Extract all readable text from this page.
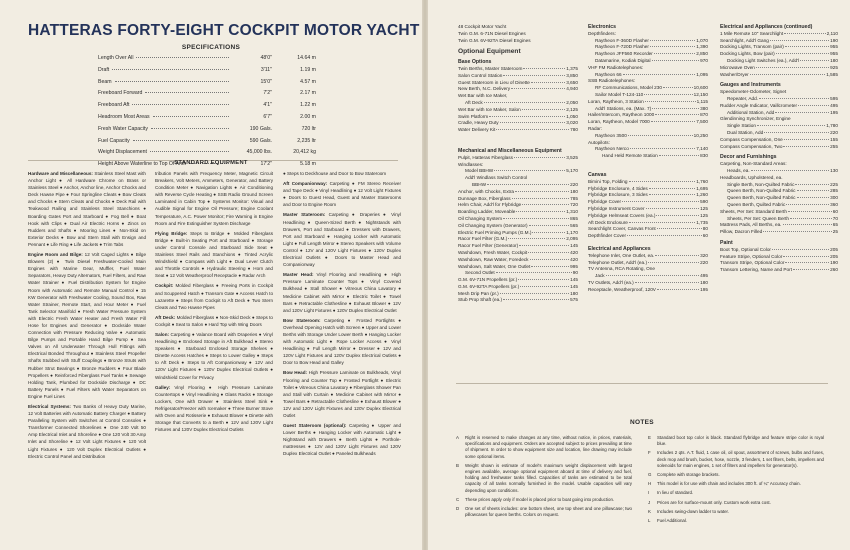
HATTERAS FORTY-EIGHT COCKPIT MOTOR YACHT
SPECIFICATIONS
Length Over All	48'0"	14.64 m
Draft	3'11"	1.19 m
Beam	15'0"	4.57 m
Freeboard Forward	7'2"	2.17 m
Freeboard Aft	4'1"	1.22 m
Headroom Most Areas	6'7"	2.00 m
Fresh Water Capacity	190 Gals.	720 ltr
Fuel Capacity	590 Gals.	2,235 ltr
Weight Displacement	45,000 lbs.	20,412 kg
Height Above Waterline to Top Of Arch	17'2"	5.18 m
STANDARD EQUIPMENT

Hardware and Miscellaneous: Stainless Steel Mast with Anchor Light ● All Hardware Chrome on Brass or Stainless Steel ● Anchor, Anchor line, Anchor Chocks and Deck Hawse Pipe ● Four Springline Cleats ● Bow Cleats and Chocks ● Stern Cleats and Chocks ● Deck Rail with Teakwood Railing and Stainless Steel Stanchions ● Boarding Gates Port and Starboard ● Fog Bell ● Boat Hook with Clips ● Dual Air Electric Horns ● Zincs on Rudders and Shafts ● Mooring Lines ● Non-Skid on Exterior Decks ● Bow and Stern Stall with Ensign and Pennant ● Life Ring ● Life Jackets ● Trim Tabs

Engine Room and Bilge: 12 Volt Caged Lights ● Bilge Blowers (2) ● Twin Diesel Freshwater-Cooled Main Engines with Marine Gear, Muffler, Fuel Water Separators, Heavy Duty Alternators, Fuel Filters, and Raw Water Strainer ● Fuel Distribution System for Engine Room with Automatic and Remote Manual Control ● 15 KW Generator with Freshwater Cooling, Sound Box, Raw Water Strainer, Remote Start, and Hour Meter ● Fuel Tank Selector Manifold ● Fresh Water Pressure System with Electric Fresh Water Heater and Fresh Water Fill Hose for Engines and Generator ● Dockside Water Connection with Pressure Reducing Valve ● Automatic Bilge Pumps and Portable Hand Bilge Pump ● Sea Valves on All Underwater Through Hull Fittings with Electrical Bonded Throughout ● Stainless Steel Propeller Shafts Stubbed with Stuff Couplings ● Bronze Struts with Rubber Strut Bearings ● Bronze Rudders ● Four Blade Propellers ● Reinforced Fiberglass Fuel Tanks ● Sewage Holding Tank, Plumbed for Dockside Discharge ● DC Battery Panels ● Fuel Filters with Water Separators on Engine Fuel Lines

Electrical Systems: Two Banks of Heavy Duty Marine, 12 Volt Batteries with Automatic Battery Charger ● Battery Paralleling System with Switches at Control Consoles ● Transformer Connected Shorelines ● One 240 Volt 50 Amp Electrical Inlet and Shoreline ● One 120 Volt 30 Amp Inlet and Shoreline ● 12 Volt Light Fixtures ● 120 Volt Light Fixtures ● 120 Volt Duplex Electrical Outlets ● Electric Control Panel and Distribution

tribution Panels with Frequency Meter, Magnetic Circuit Breakers, Volt Meters, Ammeters, Generator, and Battery Condition Meter ● Navigation Lights ● Air Conditioning with Reverse Cycle Heating ● SSB Radio Ground Screen Laminated in Cabin Top ● Systems Monitor: Visual and Audible Signal for Engine Oil Pressure; Engine Coolant Temperature, A.C. Power Monitor; Fire Warning in Engine Room and Fire Extinguisher System Discharge

Flying Bridge: Steps to Bridge ● Molded Fiberglass Bridge ● Built-in Seating Port and Starboard ● Storage under Control Console and Starboard Side Seat ● Stainless Steel Rails and Stanchions ● Tinted Acrylic Windshield ● Compass with Light ● Dual Lever Clutch and Throttle Controls ● Hydraulic Steering ● Horn and Seat ● 12 Volt Weatherproof Receptacle ● Radar Arch

Cockpit: Molded Fiberglass ● Freeing Ports in Cockpit and Scuppered Hatch ● Transom Gate ● Access Hatch to Lazarette ● Steps from Cockpit to Aft Deck ● Two Stern Cleats and Two Hawse Pipes

Aft Deck: Molded Fiberglass ● Non-Skid Deck ● Steps to Cockpit ● Seat to Salon ● Hard Top with Wing Doors

Salon: Carpeting ● Valance Board with Draperies ● Vinyl Headlining ● Enclosed Storage in Aft Bulkhead ● Stereo Speakers ● Starboard Enclosed Storage Shelves ● Dinette Access Hatches ● Steps to Lower Galley ● Steps to Aft Deck ● Steps to Aft Companionway ● 12V and 120V Light Fixtures ● 120V Duplex Electrical Outlets ● Windshield Cover for Privacy

Galley: Vinyl Flooring ● High Pressure Laminate Countertops ● Vinyl Headlining ● Glass Racks ● Storage Lockers, One with Drawer ● Stainless Steel Sink ● Refrigerator/Freezer with Icemaker ● Three Burner Stove with Oven and Rotisserie ● Exhaust Blower ● Dinette with Storage that Converts to a Berth ● 12V and 120V Light Fixtures and 120V Duplex Electrical Outlets

● Steps to Deckhouse and Door to Bow Stateroom

Aft Companionway: Carpeting ● FM Stereo Receiver and Tape Deck ● Vinyl Headlining ● 12 Volt Light Fixtures ● Doors to Guest Head, Guest and Master Staterooms and Door to Engine Room

Master Stateroom: Carpeting ● Draperies ● Vinyl Headlining ● Queen-Sized Berth ● Nightstands with Drawers, Port and Starboard ● Dressers with Drawers, Port and Starboard ● Hanging Locker with Automatic Light ● Full Length Mirror ● Stereo Speakers with Volume Control ● 12V and 120V Light Fixtures ● 120V Duplex Electrical Outlets ● Doors to Master Head and Companionway

Master Head: Vinyl Flooring and Headlining ● High Pressure Laminate Counter Tops ● Vinyl Covered Bulkhead ● Stall Shower ● Vitreous China Lavatory ● Medicine Cabinet with Mirror ● Electric Toilet ● Towel Bars ● Retractable Clothesline ● Exhaust Blower ● 12V and 120V Light Fixtures ● 120V Duplex Electrical Outlet

Bow Stateroom: Carpeting ● Frosted Portlights ● Overhead Opening Hatch with Screen ● Upper and Lower Berths with Storage Under Lower Berth ● Hanging Locker with Automatic Light ● Rope Locker Access ● Vinyl Headlining ● Full Length Mirror ● Dresser ● 12V and 120V Light Fixtures and 120V Duplex Electrical Outlets ● Door to Bow Head and Galley

Bow Head: High Pressure Laminate on Bulkheads, Vinyl Flooring and Counter Top ● Frosted Portlight ● Electric Toilet ● Vitreous China Lavatory ● Fiberglass Shower Pan and Stall with Curtain ● Medicine Cabinet with Mirror ● Towel Bars ● Retractable Clothesline ● Exhaust Blower ● 12V and 120V Light Fixtures and 120V Duplex Electrical Outlet

Guest Stateroom (optional): Carpeting ● Upper and Lower Berths ● Hanging Locker with Automatic Light ● Nightstand with Drawers ● Berth Lights ● Porthole-mattresses ● 12V and 120V Light Fixtures and 120V Duplex Electrical Outlet ● Paneled Bulkheads

48 Cockpit Motor Yacht
Twin G.M. 6-71N Diesel Engines
Twin G.M. 6V-92TA Diesel Engines
Optional Equipment
Base Options
Twin Berths, Master Stateroom	1,375
Salon Control Station	3,850
Guest Stateroom in Lieu of Dinette	3,650
New Berth, N.C. Delivery	4,940
Wet Bar with Ice Maker,
Aft Deck	2,050
Wet Bar with Ice Maker, Salon	2,125
Swim Platform	1,050
Cradle, Heavy Duty	3,020
Water Delivery Kit	780
Mechanical and Miscellaneous Equipment
Pulpit, Hatteras Fiberglass	3,525
Windlasses:
Model BBHW	5,170
Add'l Windlass Switch Control
BBHW	220
Anchor, with Chocks, Extra	180
Dunnage Box, Fiberglass	785
Helm Chair, Add'l for Flybridge	720
Boarding Ladder, Moveable	1,310
Oil Changing System	865
Oil Changing System (Generator)	565
Electric Fuel Priming Pumps (G.M.)	1,170
Racor Fuel Filter (G.M.)	2,095
Racor Fuel Filter (Generator)	145
Washdown, Fresh Water, Cockpit	420
Washdown, Raw Water, Foredeck	420
Washdown, Salt Water, One Outlet	995
Second Outlet	90
G.M. 6V-71N Propellers (pr.)	145
G.M. 6V-92TA Propellers (pr.)	145
Mesh Drip Pan (pr.)	180
Stub Prop Shaft (ea.)	575
Electronics
Depthfinders:
Raytheon F-360D Flasher	1,070
Raytheon F-720D Flasher	1,390
Raytheon JFF560 Recorder	2,850
Datamarine, Kodiak Digital	970
VHF FM Radiotelephones:
Raytheon 66	1,095
SSB Radiotelephones:
RF Communications, Model 230	10,600
Sailor Model T-124-110	12,150
Loran, Raytheon, 3 Station	1,115
Add'l Stations, ea. (Max. 7)	380
Hailer/Intercom, Raytheon 1000	870
Loran, Raytheon, Model 7000	7,500
Radar:
Raytheon 3500	10,250
Autopilots:
Raytheon Nerco	7,140
Hand Held Remote Station	830
Canvas
Bimini Top, Folding	1,760
Flybridge Enclosure, 4 Sides	1,695
Flybridge Enclosure, 3 Sides	1,260
Flybridge Cover	590
Flybridge Instrument Cover	125
Flybridge Helmseat Covers (ea.)	125
Aft Deck Enclosure	1,735
Searchlight Cover, Canvas Front	80
Depthfinder Cover	60
Electrical and Appliances
Telephone Inlet, One Outlet, ea.	320
Telephone Outlet, Add'l (ea.)	220
TV Antenna, RCA Rotating, One
Jack	495
TV Outlets, Add'l (ea.)	180
Receptacle, Weatherproof, 120V	195
Electrical and Appliances (continued)
1 Mile Remote 10" Searchlight	2,110
Searchlight, Add'l Gang	190
Docking Lights, Transom (pair)	955
Docking Lights, Bow (pair)	955
Docking Light Switches (ea.), Add'l	180
Microwave Oven	925
Washer/Dryer	1,585
Gauges and Instruments
Speedometer-Odometer, Signet
Repeater, Add.	595
Rudder Angle Indicator, Vaillcrometer	495
Additional Station, Add	195
Glendinning Synchronizer, Engine
Single Station	1,780
Dual Station, Add	220
Compass Compensation, One	155
Compass Compensation, Two	255
Decor and Furnishings
Carpeting, Non-Standard Areas:
Heads, ea.	130
Headboards, Upholstered, ea.
Single Berth, Non-Quilted Fabric	225
Queen Berth, Non-Quilted Fabric	285
Queen Berth, Non-Quilted Fabric	300
Queen Berth, Quilted Fabric	360
Sheets, Per Set: Standard Berth	60
Sheets, Per Set: Queen Berth	70
Mattress Pads, All Berths, ea.	65
Pillow, Dacron Filled	25
Paint
Boot Top, Optional Color	205
Feature Stripe, Optional Color	205
Transom Stripe, Optional Color	190
Transom Lettering, Name and Port	260
NOTES
A	Right is reserved to make changes at any time, without notice, in prices, materials, specifications and equipment. Orders are accepted subject to prices prevailing at time of shipment. In order to show equipment size and location, line drawing may include some optional items.
B	Weight shown is estimate of model's maximum weight displacement with largest engines available, average optional equipment aboard at time of delivery and fuel, holding and freshwater tanks filled. Capacities of tanks are estimated to be total capacity of all tanks normally furnished in the model. Usable capacities will vary depending upon conditions.
C	These prices apply only if model is placed prior to boat going into production.
D	One set of sheets includes: one bottom sheet, one top sheet and one pillowcase; two pillowcases for queen berths. Colors on request.
E	Standard boot top color is black. Standard flybridge and feature stripe color is royal blue.
F	Includes 2 qts. A.T. fluid, 1 case oil, oil spout, assortment of screws, bulbs and fuses, deck mop and brush, bucket, hose, nozzle, 3 fenders, 1 set filters, belts, impellers and solenoids for main engines, 1 set of filters and impellers for generator(s).
G	Complete with storage brackets.
H	This model is for use with chain and includes 300 ft. of ¼" Accuracy chain.
I	In lieu of standard.
J	Prices are for surface-mount only. Custom work extra cost.
K	Includes swing-down ladder to water.
L	Fuel Additional.
